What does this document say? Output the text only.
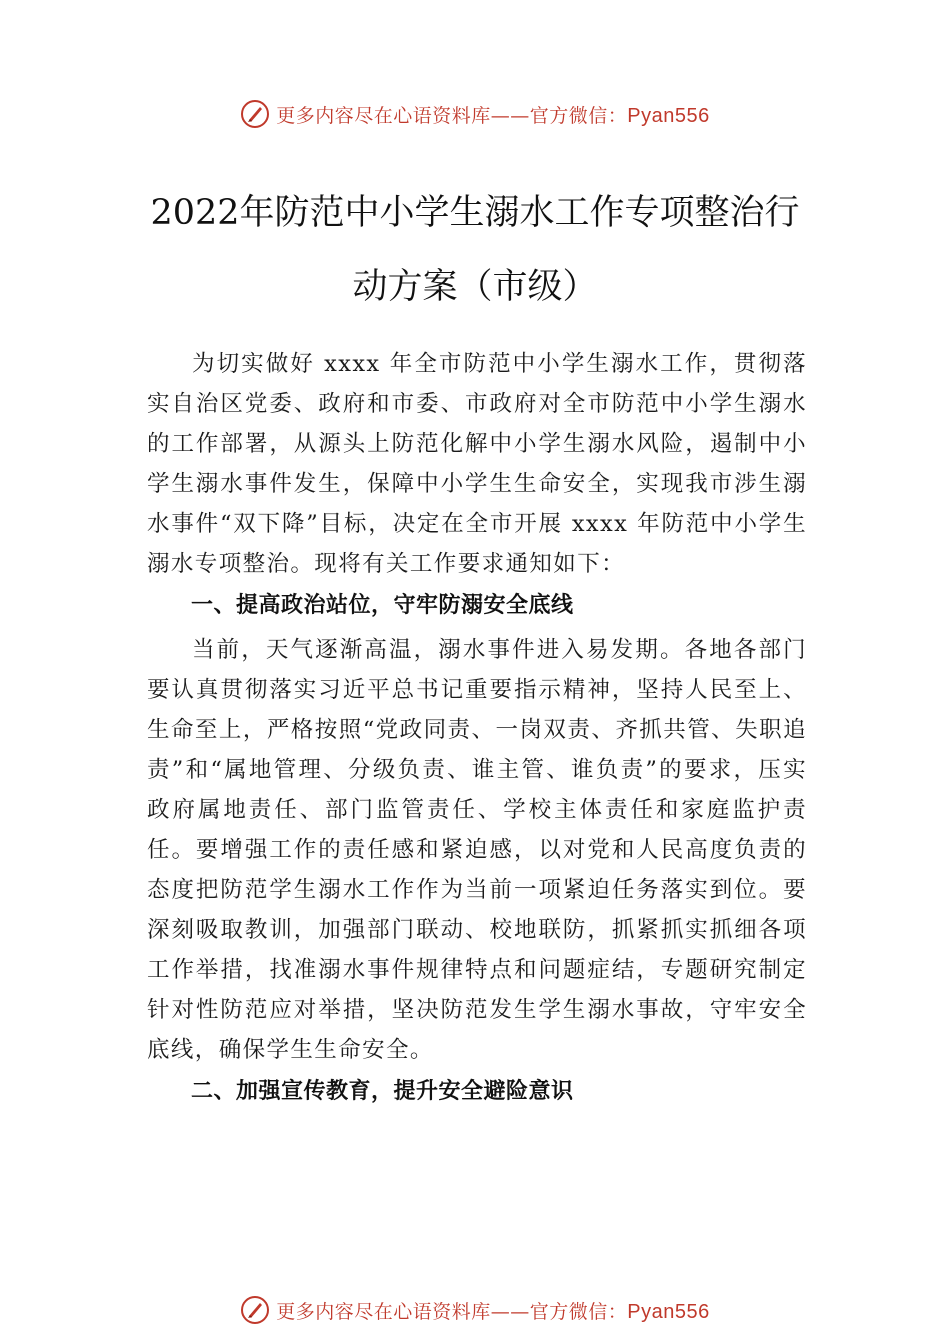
更多内容尽在心语资料库——官方微信：Pyan556
2022年防范中小学生溺水工作专项整治行
动方案（市级）

为切实做好 xxxx 年全市防范中小学生溺水工作，贯彻落实自治区党委、政府和市委、市政府对全市防范中小学生溺水的工作部署，从源头上防范化解中小学生溺水风险，遏制中小学生溺水事件发生，保障中小学生生命安全，实现我市涉生溺水事件“双下降”目标，决定在全市开展 xxxx 年防范中小学生溺水专项整治。现将有关工作要求通知如下：

一、提高政治站位，守牢防溺安全底线

当前，天气逐渐高温，溺水事件进入易发期。各地各部门要认真贯彻落实习近平总书记重要指示精神，坚持人民至上、生命至上，严格按照“党政同责、一岗双责、齐抓共管、失职追责”和“属地管理、分级负责、谁主管、谁负责”的要求，压实政府属地责任、部门监管责任、学校主体责任和家庭监护责任。要增强工作的责任感和紧迫感，以对党和人民高度负责的态度把防范学生溺水工作作为当前一项紧迫任务落实到位。要深刻吸取教训，加强部门联动、校地联防，抓紧抓实抓细各项工作举措，找准溺水事件规律特点和问题症结，专题研究制定针对性防范应对举措，坚决防范发生学生溺水事故，守牢安全底线，确保学生生命安全。

二、加强宣传教育，提升安全避险意识

更多内容尽在心语资料库——官方微信：Pyan556
